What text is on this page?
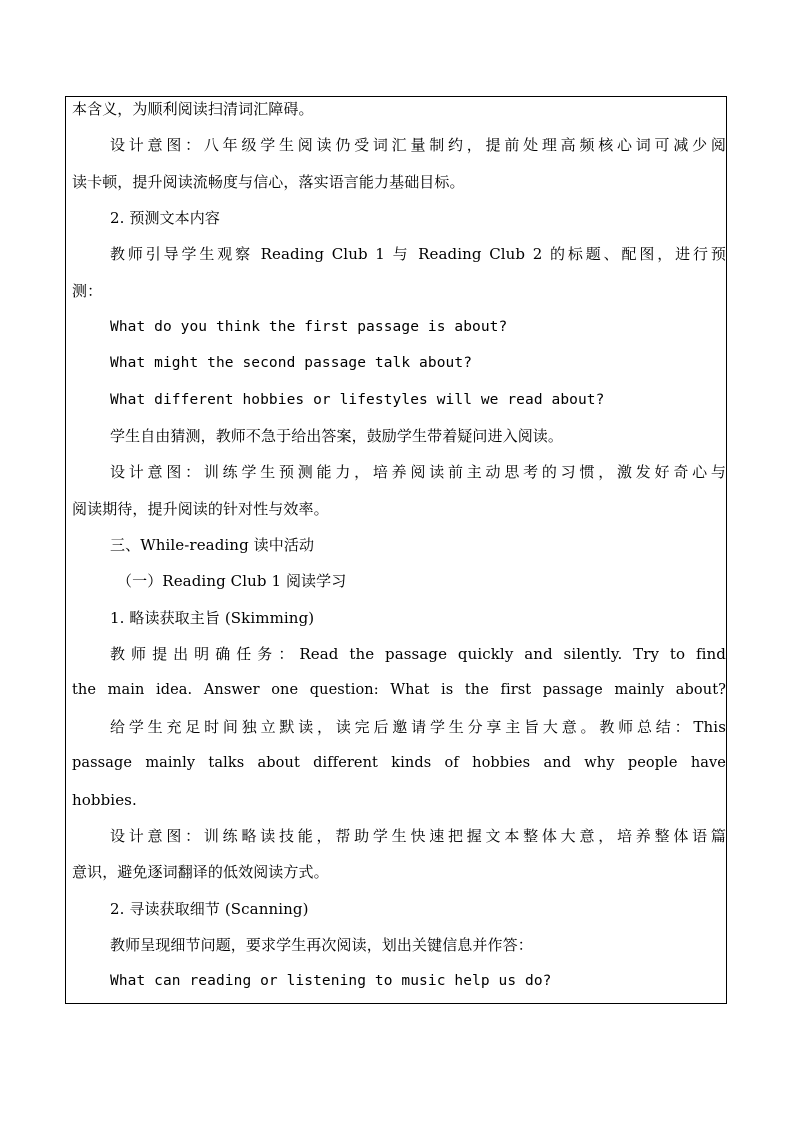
本含义，为顺利阅读扫清词汇障碍。
设计意图：八年级学生阅读仍受词汇量制约，提前处理高频核心词可减少阅
读卡顿，提升阅读流畅度与信心，落实语言能力基础目标。
2. 预测文本内容
教师引导学生观察 Reading Club 1 与 Reading Club 2 的标题、配图，进行预
测：
What do you think the first passage is about?
What might the second passage talk about?
What different hobbies or lifestyles will we read about?
学生自由猜测，教师不急于给出答案，鼓励学生带着疑问进入阅读。
设计意图：训练学生预测能力，培养阅读前主动思考的习惯，激发好奇心与
阅读期待，提升阅读的针对性与效率。
三、While-reading 读中活动
（一）Reading Club 1 阅读学习
1. 略读获取主旨 (Skimming)
教师提出明确任务：Read the passage quickly and silently. Try to find
the main idea. Answer one question: What is the first passage mainly about?
给学生充足时间独立默读，读完后邀请学生分享主旨大意。教师总结：This
passage mainly talks about different kinds of hobbies and why people have
hobbies.
设计意图：训练略读技能，帮助学生快速把握文本整体大意，培养整体语篇
意识，避免逐词翻译的低效阅读方式。
2. 寻读获取细节 (Scanning)
教师呈现细节问题，要求学生再次阅读，划出关键信息并作答：
What can reading or listening to music help us do?
